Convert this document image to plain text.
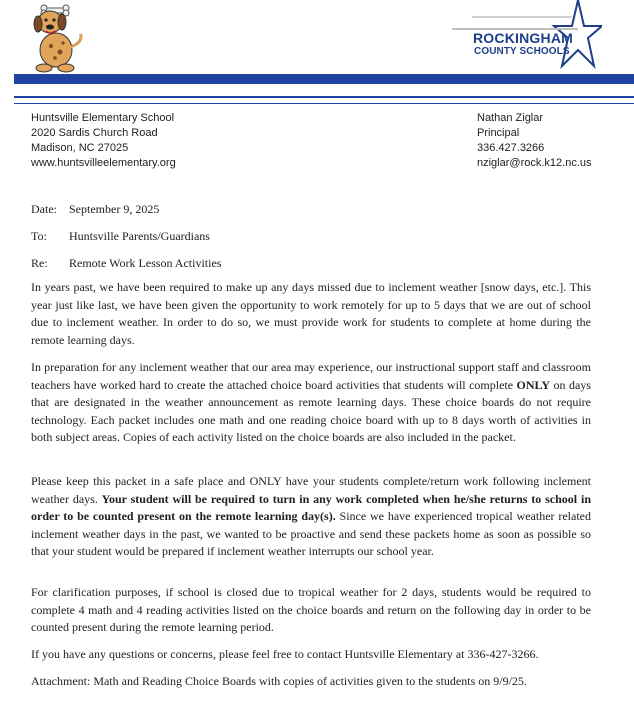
ROCKINGHAM
COUNTY SCHOOLS
Huntsville Elementary School
2020 Sardis Church Road
Madison, NC 27025
www.huntsvilleelementary.org
Nathan Ziglar
Principal
336.427.3266
nziglar@rock.k12.nc.us
Date: September 9, 2025
To: Huntsville Parents/Guardians
Re: Remote Work Lesson Activities
In years past, we have been required to make up any days missed due to inclement weather [snow days, etc.]. This year just like last, we have been given the opportunity to work remotely for up to 5 days that we are out of school due to inclement weather. In order to do so, we must provide work for students to complete at home during the remote learning days.
In preparation for any inclement weather that our area may experience, our instructional support staff and classroom teachers have worked hard to create the attached choice board activities that students will complete ONLY on days that are designated in the weather announcement as remote learning days. These choice boards do not require technology. Each packet includes one math and one reading choice board with up to 8 days worth of activities in both subject areas. Copies of each activity listed on the choice boards are also included in the packet.
Please keep this packet in a safe place and ONLY have your students complete/return work following inclement weather days. Your student will be required to turn in any work completed when he/she returns to school in order to be counted present on the remote learning day(s). Since we have experienced tropical weather related inclement weather days in the past, we wanted to be proactive and send these packets home as soon as possible so that your student would be prepared if inclement weather interrupts our school year.
For clarification purposes, if school is closed due to tropical weather for 2 days, students would be required to complete 4 math and 4 reading activities listed on the choice boards and return on the following day in order to be counted present during the remote learning period.
If you have any questions or concerns, please feel free to contact Huntsville Elementary at 336-427-3266.
Attachment: Math and Reading Choice Boards with copies of activities given to the students on 9/9/25.
